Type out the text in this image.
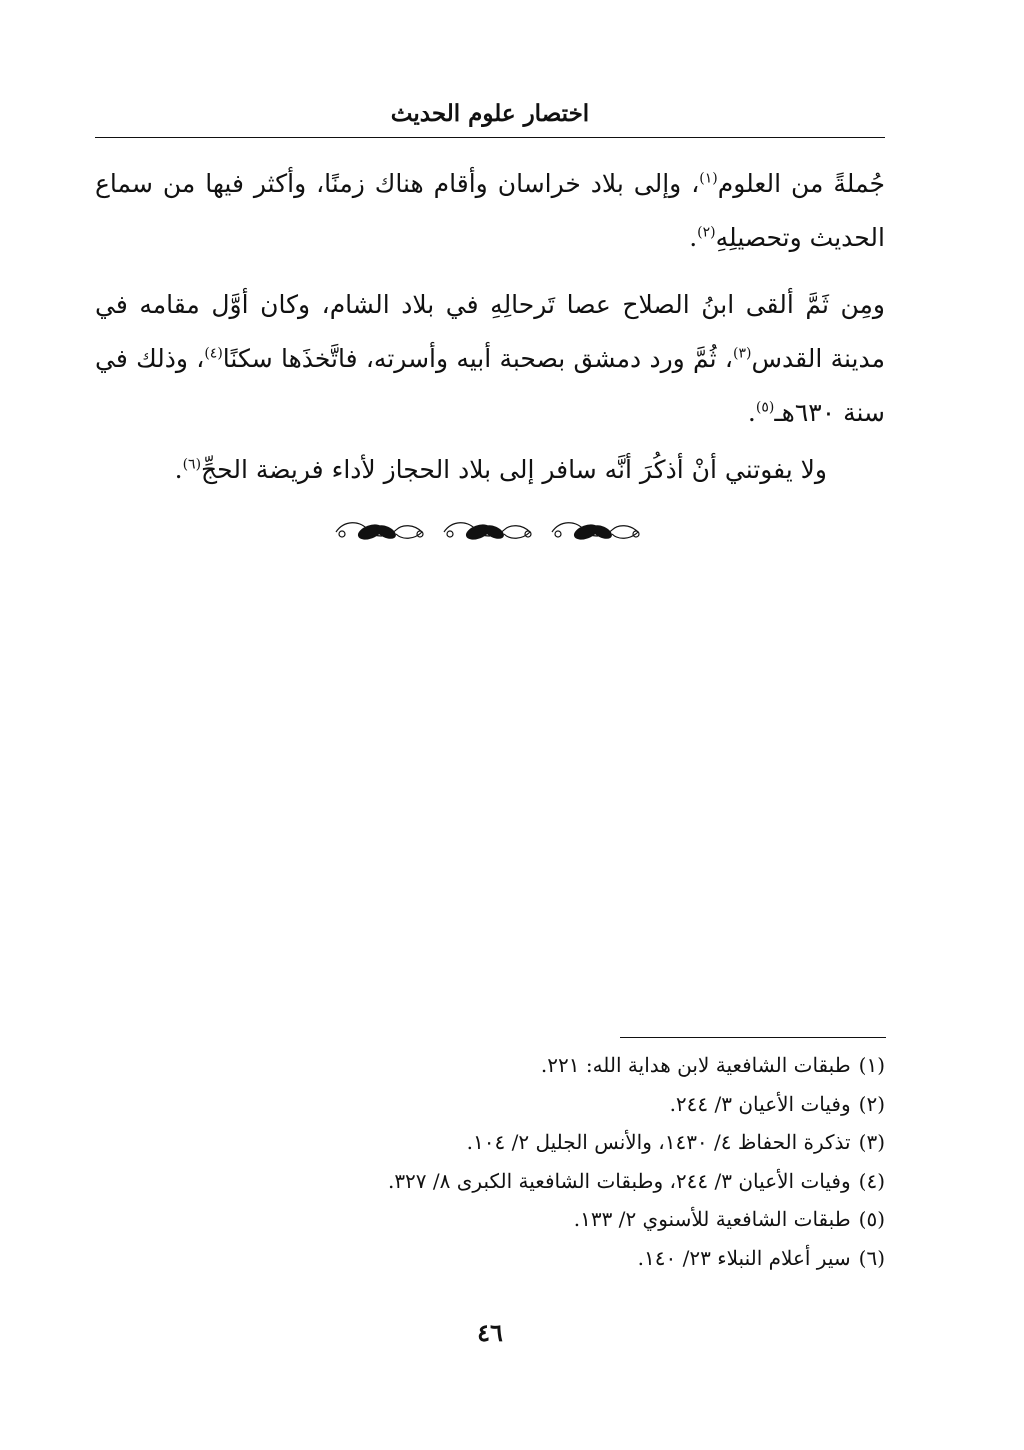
اختصار علوم الحديث

جُملةً من العلوم$^{(١)}$، وإلى بلاد خراسان وأقام هناك زمنًا، وأكثر فيها من سماع الحديث وتحصيلِهِ$^{(٢)}$.

ومِن ثَمَّ ألقى ابنُ الصلاح عصا تَرحالِهِ في بلاد الشام، وكان أوَّل مقامه في مدينة القدس$^{(٣)}$، ثُمَّ ورد دمشق بصحبة أبيه وأسرته، فاتَّخذَها سكنًا$^{(٤)}$، وذلك في سنة ٦٣٠هـ$^{(٥)}$.

ولا يفوتني أنْ أذكُرَ أنَّه سافر إلى بلاد الحجاز لأداء فريضة الحجِّ$^{(٦)}$.

(١)طبقات الشافعية لابن هداية الله: ٢٢١.
(٢)وفيات الأعيان ٣/ ٢٤٤.
(٣)تذكرة الحفاظ ٤/ ١٤٣٠، والأنس الجليل ٢/ ١٠٤.
(٤)وفيات الأعيان ٣/ ٢٤٤، وطبقات الشافعية الكبرى ٨/ ٣٢٧.
(٥)طبقات الشافعية للأسنوي ٢/ ١٣٣.
(٦)سير أعلام النبلاء ٢٣/ ١٤٠.
٤٦
